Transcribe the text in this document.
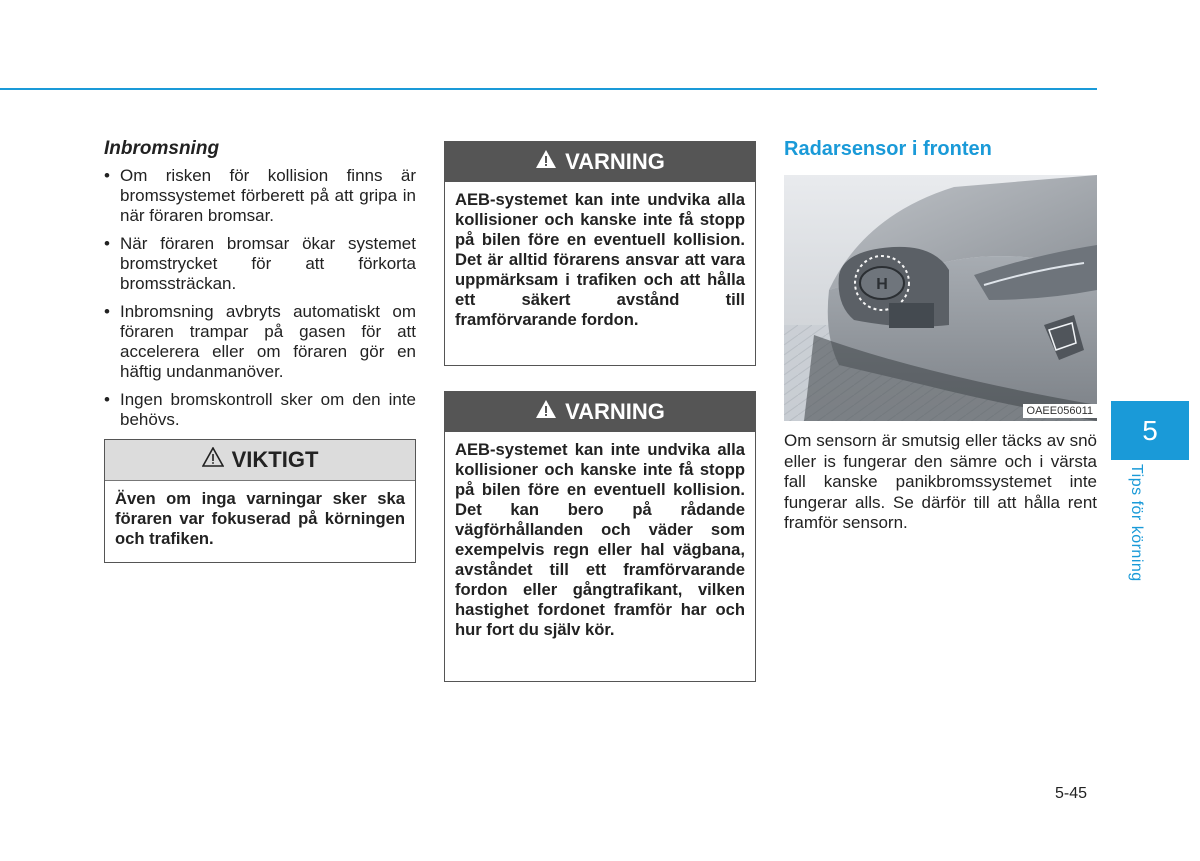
Inbromsning
• Om risken för kollision finns är bromssystemet förberett på att gripa in när föraren bromsar.
• När föraren bromsar ökar systemet bromstrycket för att förkorta bromssträckan.
• Inbromsning avbryts automatiskt om föraren trampar på gasen för att accelerera eller om föraren gör en häftig undanmanöver.
• Ingen bromskontroll sker om den inte behövs.
VIKTIGT
Även om inga varningar sker ska föraren var fokuserad på körningen och trafiken.
VARNING
AEB-systemet kan inte undvika alla kollisioner och kanske inte få stopp på bilen före en eventuell kollision. Det är alltid förarens ansvar att vara uppmärksam i trafiken och att hålla ett säkert avstånd till framförvarande fordon.
VARNING
AEB-systemet kan inte undvika alla kollisioner och kanske inte få stopp på bilen före en eventuell kollision. Det kan bero på rådande vägförhållanden och väder som exempelvis regn eller hal vägbana, avståndet till ett framförvarande fordon eller gångtrafikant, vilken hastighet fordonet framför har och hur fort du själv kör.
Radarsensor i fronten
H
OAEE056011
Om sensorn är smutsig eller täcks av snö eller is fungerar den sämre och i värsta fall kanske panikbromssystemet inte fungerar alls. Se därför till att hålla rent framför sensorn.
5
Tips för körning
5-45
